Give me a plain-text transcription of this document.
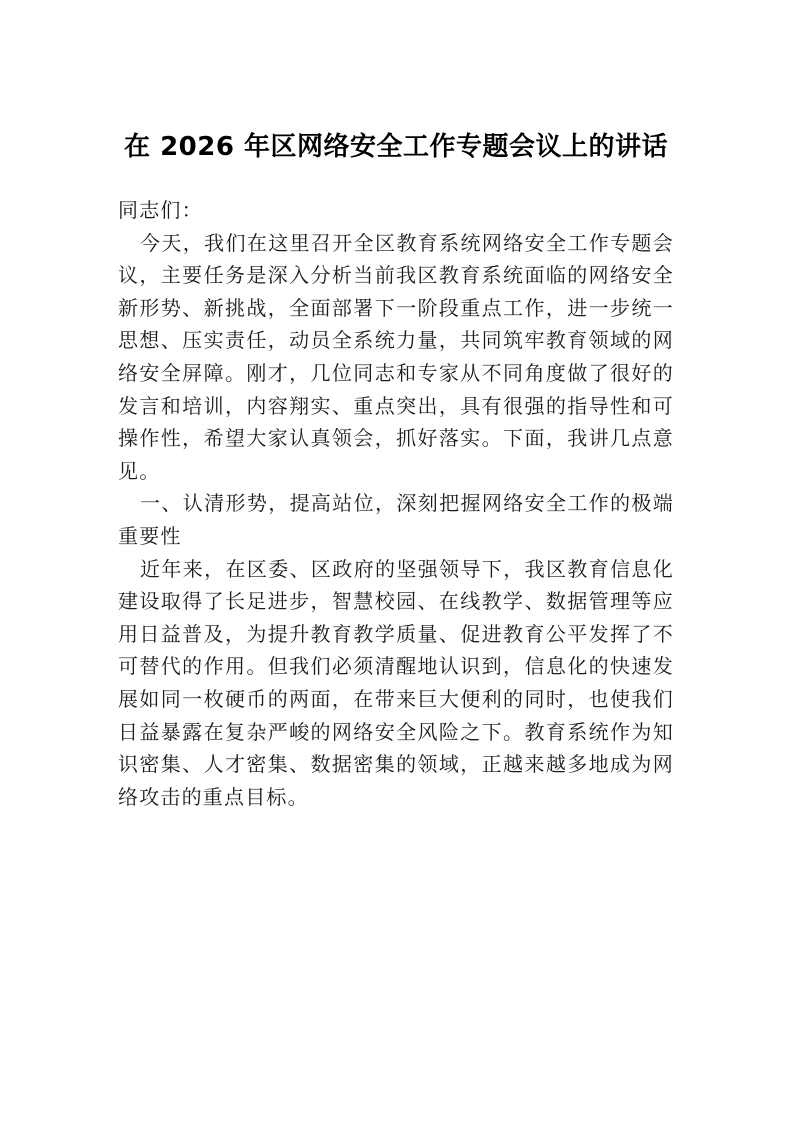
在 2026 年区网络安全工作专题会议上的讲话

同志们：

今天，我们在这里召开全区教育系统网络安全工作专题会议，主要任务是深入分析当前我区教育系统面临的网络安全新形势、新挑战，全面部署下一阶段重点工作，进一步统一思想、压实责任，动员全系统力量，共同筑牢教育领域的网络安全屏障。刚才，几位同志和专家从不同角度做了很好的发言和培训，内容翔实、重点突出，具有很强的指导性和可操作性，希望大家认真领会，抓好落实。下面，我讲几点意见。

一、认清形势，提高站位，深刻把握网络安全工作的极端重要性

近年来，在区委、区政府的坚强领导下，我区教育信息化建设取得了长足进步，智慧校园、在线教学、数据管理等应用日益普及，为提升教育教学质量、促进教育公平发挥了不可替代的作用。但我们必须清醒地认识到，信息化的快速发展如同一枚硬币的两面，在带来巨大便利的同时，也使我们日益暴露在复杂严峻的网络安全风险之下。教育系统作为知识密集、人才密集、数据密集的领域，正越来越多地成为网络攻击的重点目标。
